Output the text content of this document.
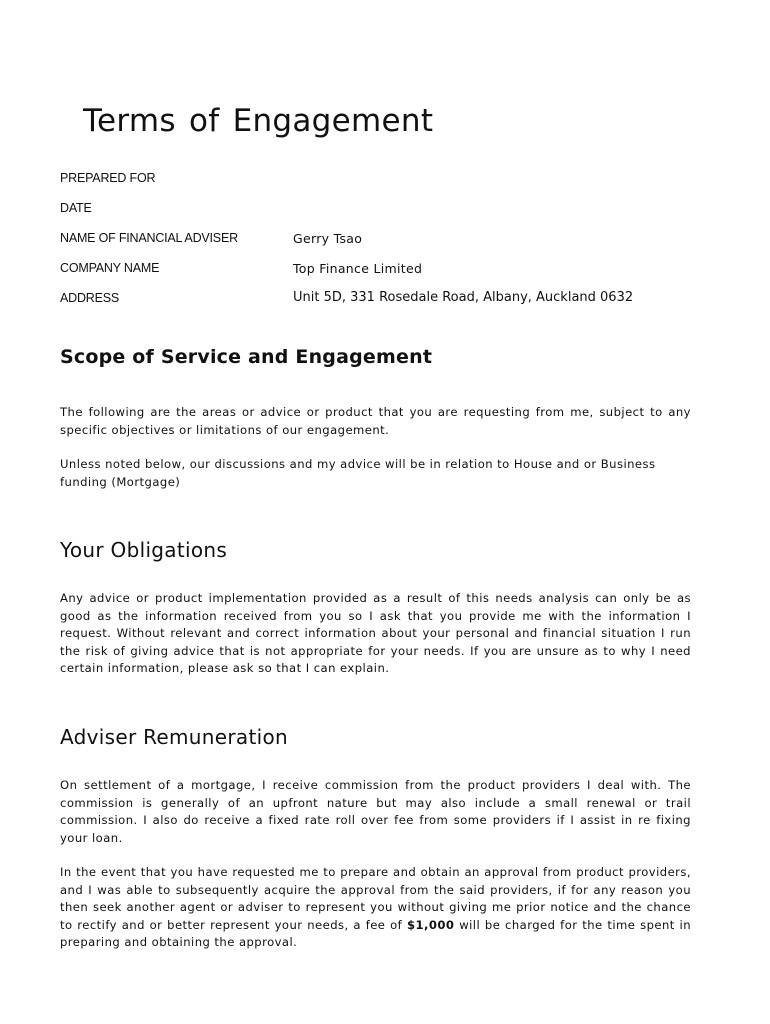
Terms of Engagement
PREPARED FOR
DATE
NAME OF FINANCIAL ADVISER	Gerry Tsao
COMPANY NAME	Top Finance Limited
ADDRESS	Unit 5D, 331 Rosedale Road, Albany, Auckland 0632
Scope of Service and Engagement

The following are the areas or advice or product that you are requesting from me, subject to any specific objectives or limitations of our engagement.

Unless noted below, our discussions and my advice will be in relation to House and or Business funding (Mortgage)

Your Obligations

Any advice or product implementation provided as a result of this needs analysis can only be as good as the information received from you so I ask that you provide me with the information I request. Without relevant and correct information about your personal and financial situation I run the risk of giving advice that is not appropriate for your needs. If you are unsure as to why I need certain information, please ask so that I can explain.

Adviser Remuneration

On settlement of a mortgage, I receive commission from the product providers I deal with. The commission is generally of an upfront nature but may also include a small renewal or trail commission. I also do receive a fixed rate roll over fee from some providers if I assist in re fixing your loan.

In the event that you have requested me to prepare and obtain an approval from product providers, and I was able to subsequently acquire the approval from the said providers, if for any reason you then seek another agent or adviser to represent you without giving me prior notice and the chance to rectify and or better represent your needs, a fee of $1,000 will be charged for the time spent in preparing and obtaining the approval.
